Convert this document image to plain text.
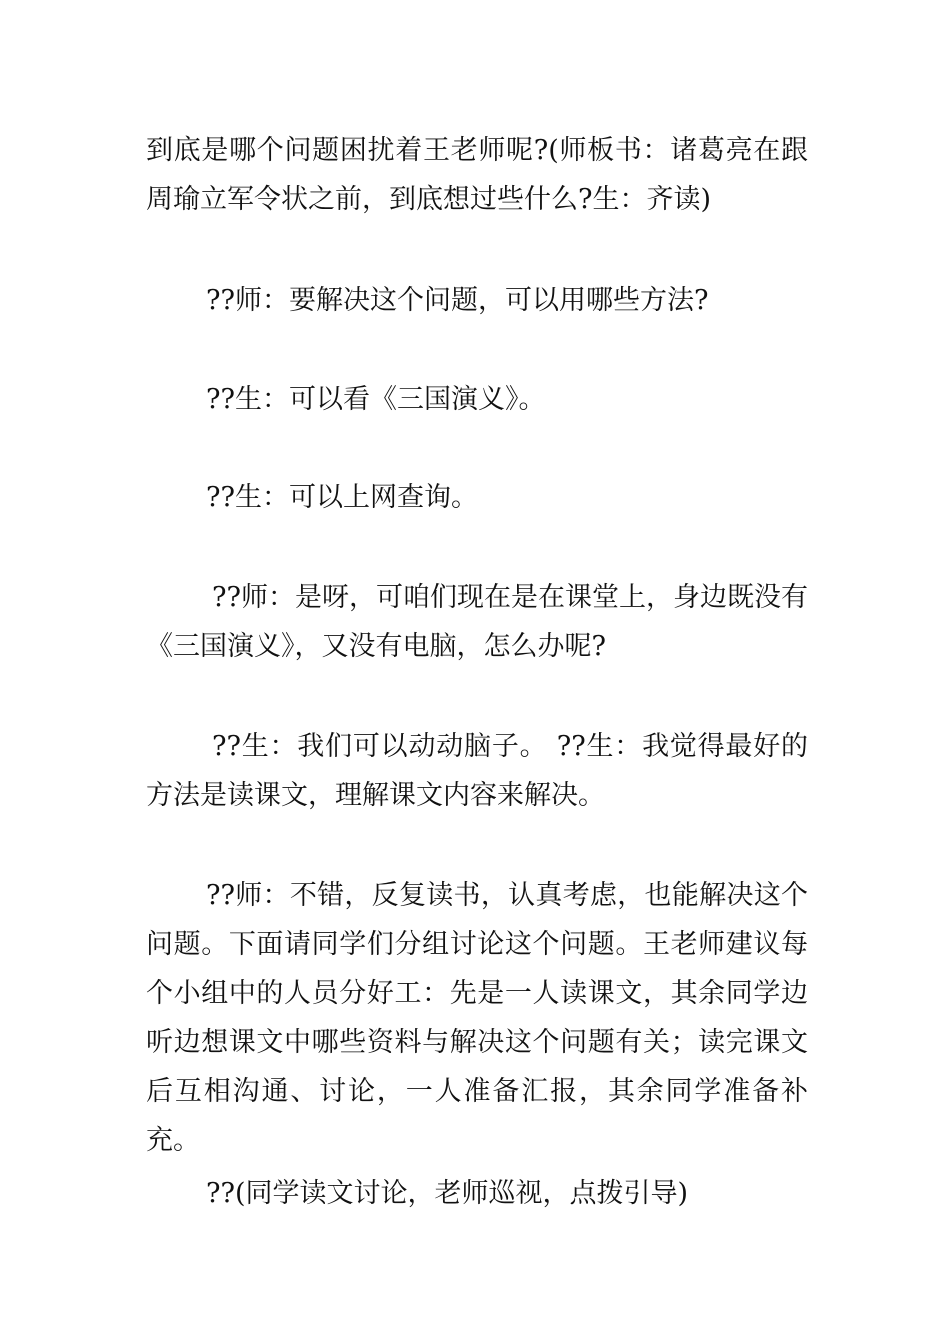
到底是哪个问题困扰着王老师呢?(师板书：诸葛亮在跟周瑜立军令状之前，到底想过些什么?生：齐读)

??师：要解决这个问题，可以用哪些方法?

??生：可以看《三国演义》。

??生：可以上网查询。

??师：是呀，可咱们现在是在课堂上，身边既没有《三国演义》，又没有电脑，怎么办呢?

??生：我们可以动动脑子。 ??生：我觉得最好的方法是读课文，理解课文内容来解决。

??师：不错，反复读书，认真考虑，也能解决这个问题。下面请同学们分组讨论这个问题。王老师建议每个小组中的人员分好工：先是一人读课文，其余同学边听边想课文中哪些资料与解决这个问题有关；读完课文后互相沟通、讨论，一人准备汇报，其余同学准备补充。

??(同学读文讨论，老师巡视，点拨引导)
